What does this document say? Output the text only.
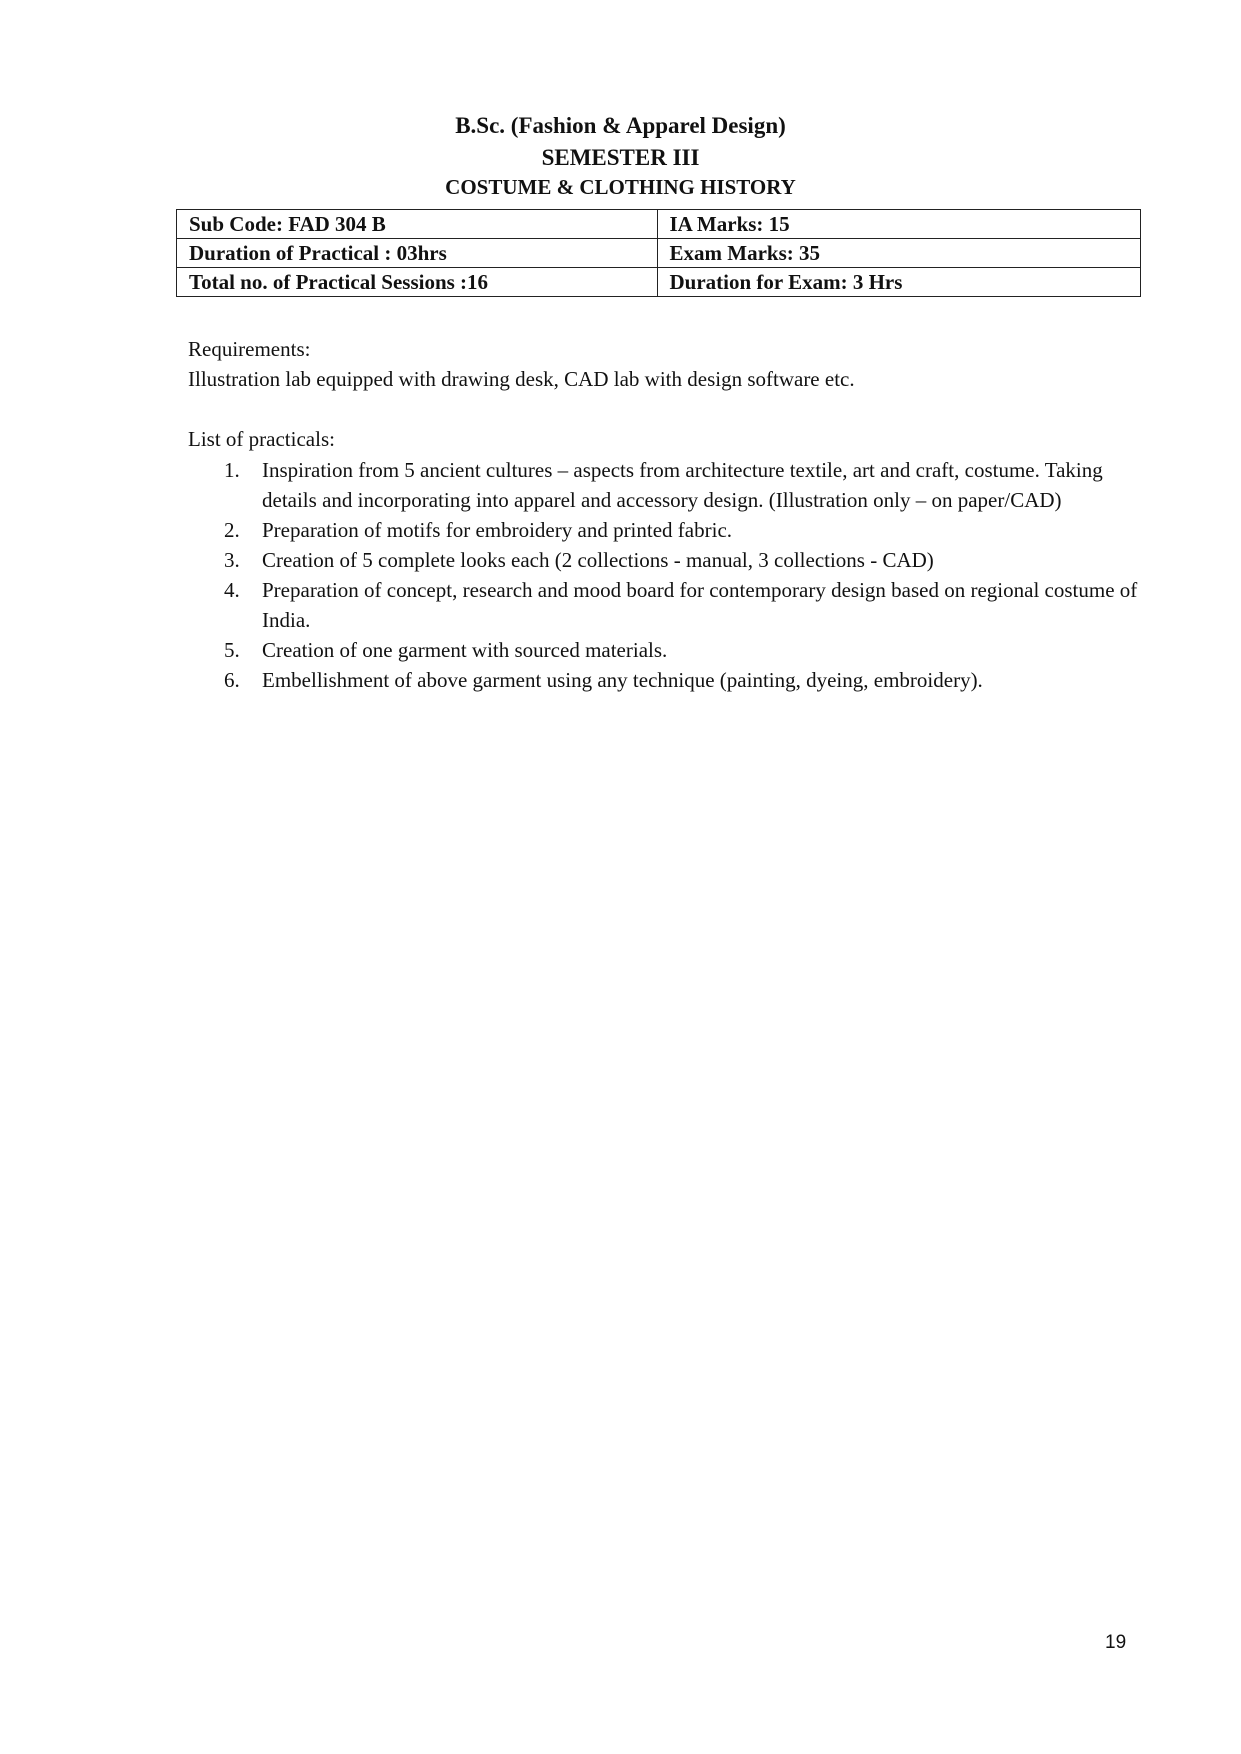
B.Sc. (Fashion & Apparel Design)
SEMESTER III
COSTUME & CLOTHING HISTORY
Sub Code: FAD 304 B	IA Marks: 15
Duration of Practical : 03hrs	Exam Marks: 35
Total no. of Practical Sessions :16	Duration for Exam: 3 Hrs
Requirements:
Illustration lab equipped with drawing desk, CAD lab with design software etc.
List of practicals:
1. Inspiration from 5 ancient cultures – aspects from architecture textile, art and craft, costume. Taking details and incorporating into apparel and accessory design. (Illustration only – on paper/CAD)
2. Preparation of motifs for embroidery and printed fabric.
3. Creation of 5 complete looks each (2 collections - manual, 3 collections - CAD)
4. Preparation of concept, research and mood board for contemporary design based on regional costume of India.
5. Creation of one garment with sourced materials.
6. Embellishment of above garment using any technique (painting, dyeing, embroidery).
19
